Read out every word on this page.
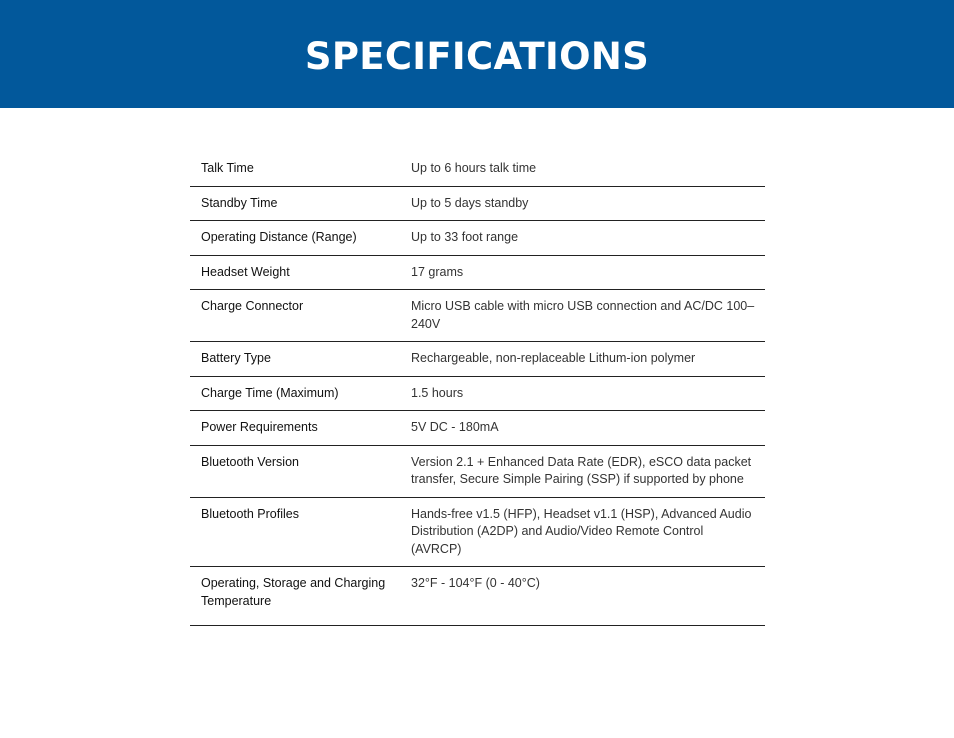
SPECIFICATIONS
Talk Time	Up to 6 hours talk time
Standby Time	Up to 5 days standby
Operating Distance (Range)	Up to 33 foot range
Headset Weight	17 grams
Charge Connector	Micro USB cable with micro USB connection and AC/DC 100–240V
Battery Type	Rechargeable, non-replaceable Lithum-ion polymer
Charge Time (Maximum)	1.5 hours
Power Requirements	5V DC - 180mA
Bluetooth Version	Version 2.1 + Enhanced Data Rate (EDR), eSCO data packet transfer, Secure Simple Pairing (SSP) if supported by phone
Bluetooth Profiles	Hands-free v1.5 (HFP), Headset v1.1 (HSP), Advanced Audio Distribution (A2DP) and Audio/Video Remote Control (AVRCP)
Operating, Storage and Charging Temperature	32°F - 104°F (0 - 40°C)
